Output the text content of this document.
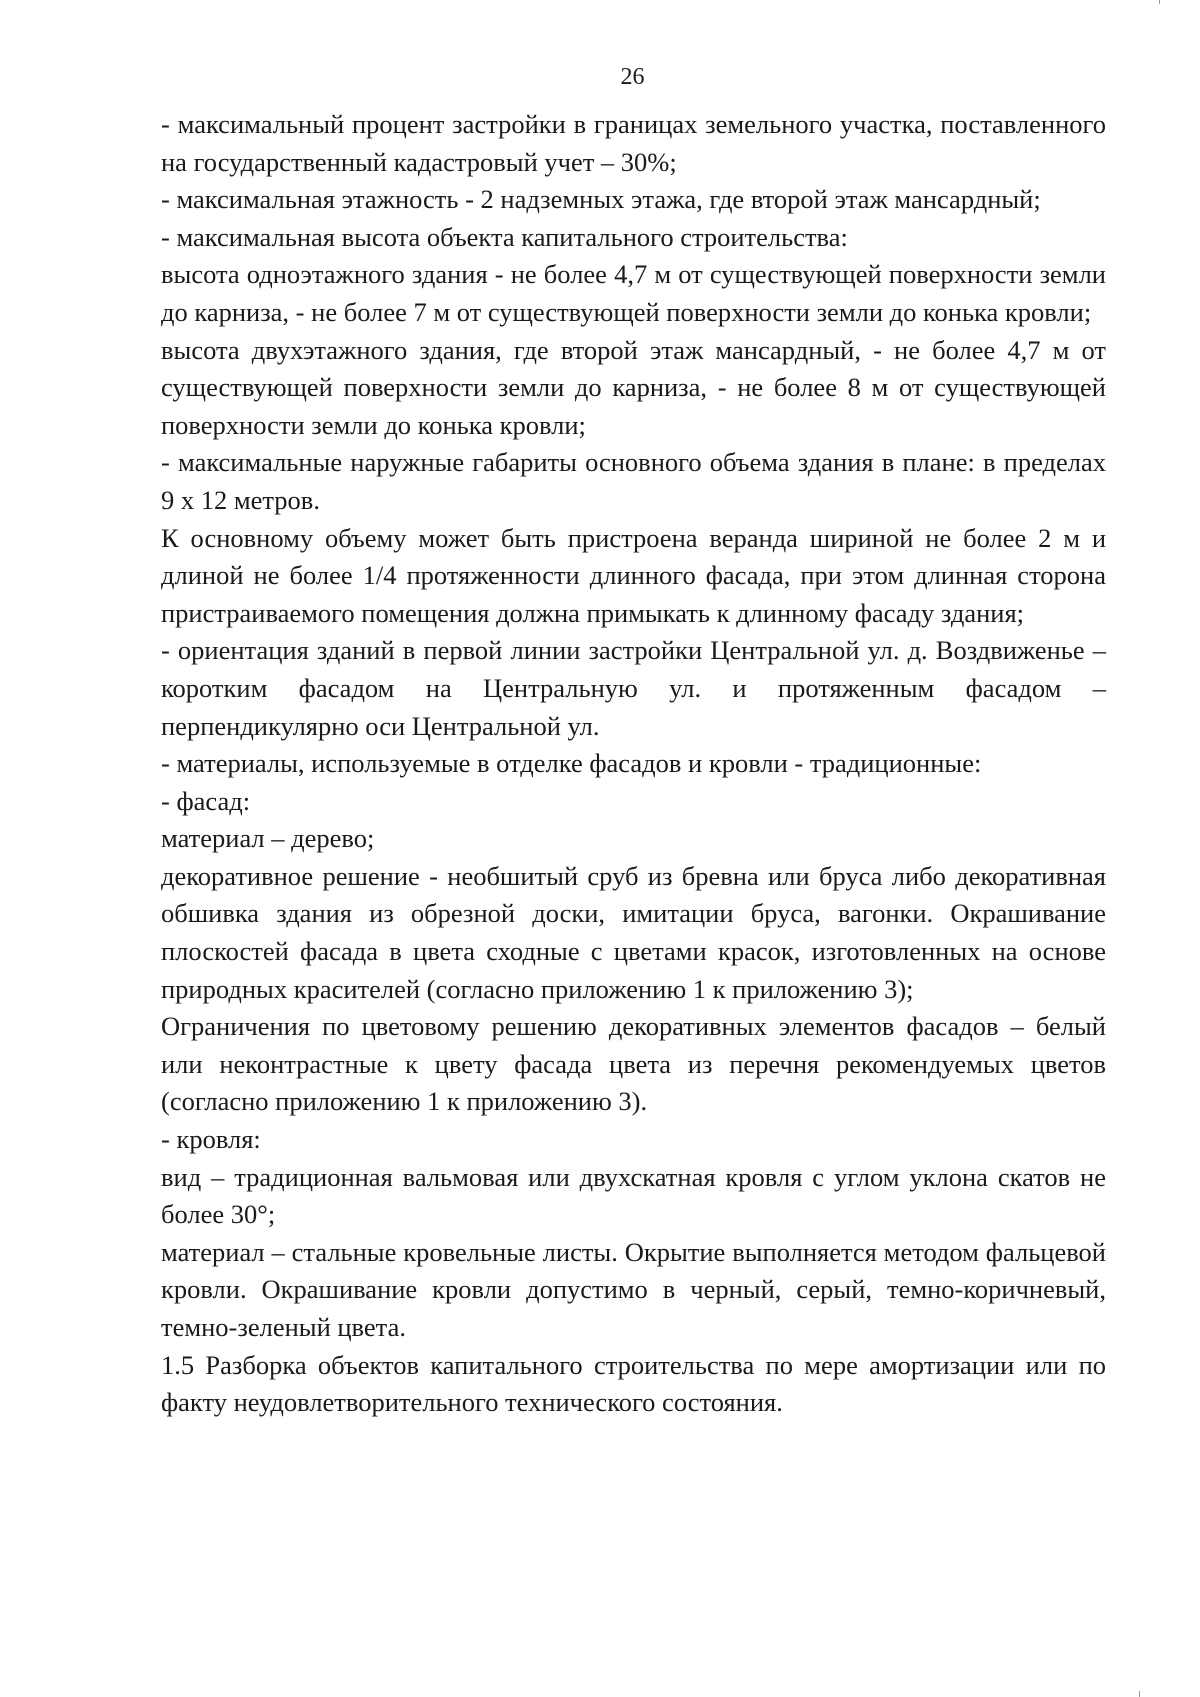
26

- максимальный процент застройки в границах земельного участка, поставленного на государственный кадастровый учет – 30%;

- максимальная этажность - 2 надземных этажа, где второй этаж мансардный;

- максимальная высота объекта капитального строительства:

высота одноэтажного здания - не более 4,7 м от существующей поверхности земли до карниза, - не более 7 м от существующей поверхности земли до конька кровли;

высота двухэтажного здания, где второй этаж мансардный, - не более 4,7 м от существующей поверхности земли до карниза, - не более 8 м от существующей поверхности земли до конька кровли;

- максимальные наружные габариты основного объема здания в плане: в пределах 9 х 12 метров.

К основному объему может быть пристроена веранда шириной не более 2 м и длиной не более 1/4 протяженности длинного фасада, при этом длинная сторона пристраиваемого помещения должна примыкать к длинному фасаду здания;

- ориентация зданий в первой линии застройки Центральной ул. д. Воздвиженье – коротким фасадом на Центральную ул. и протяженным фасадом – перпендикулярно оси Центральной ул.

- материалы, используемые в отделке фасадов и кровли - традиционные:

- фасад:

материал – дерево;

декоративное решение - необшитый сруб из бревна или бруса либо декоративная обшивка здания из обрезной доски, имитации бруса, вагонки. Окрашивание плоскостей фасада в цвета сходные с цветами красок, изготовленных на основе природных красителей (согласно приложению 1 к приложению 3);

Ограничения по цветовому решению декоративных элементов фасадов – белый или неконтрастные к цвету фасада цвета из перечня рекомендуемых цветов (согласно приложению 1 к приложению 3).

- кровля:

вид – традиционная вальмовая или двухскатная кровля с углом уклона скатов не более 30°;

материал – стальные кровельные листы. Окрытие выполняется методом фальцевой кровли. Окрашивание кровли допустимо в черный, серый, темно-коричневый, темно-зеленый цвета.

1.5 Разборка объектов капитального строительства по мере амортизации или по факту неудовлетворительного технического состояния.
